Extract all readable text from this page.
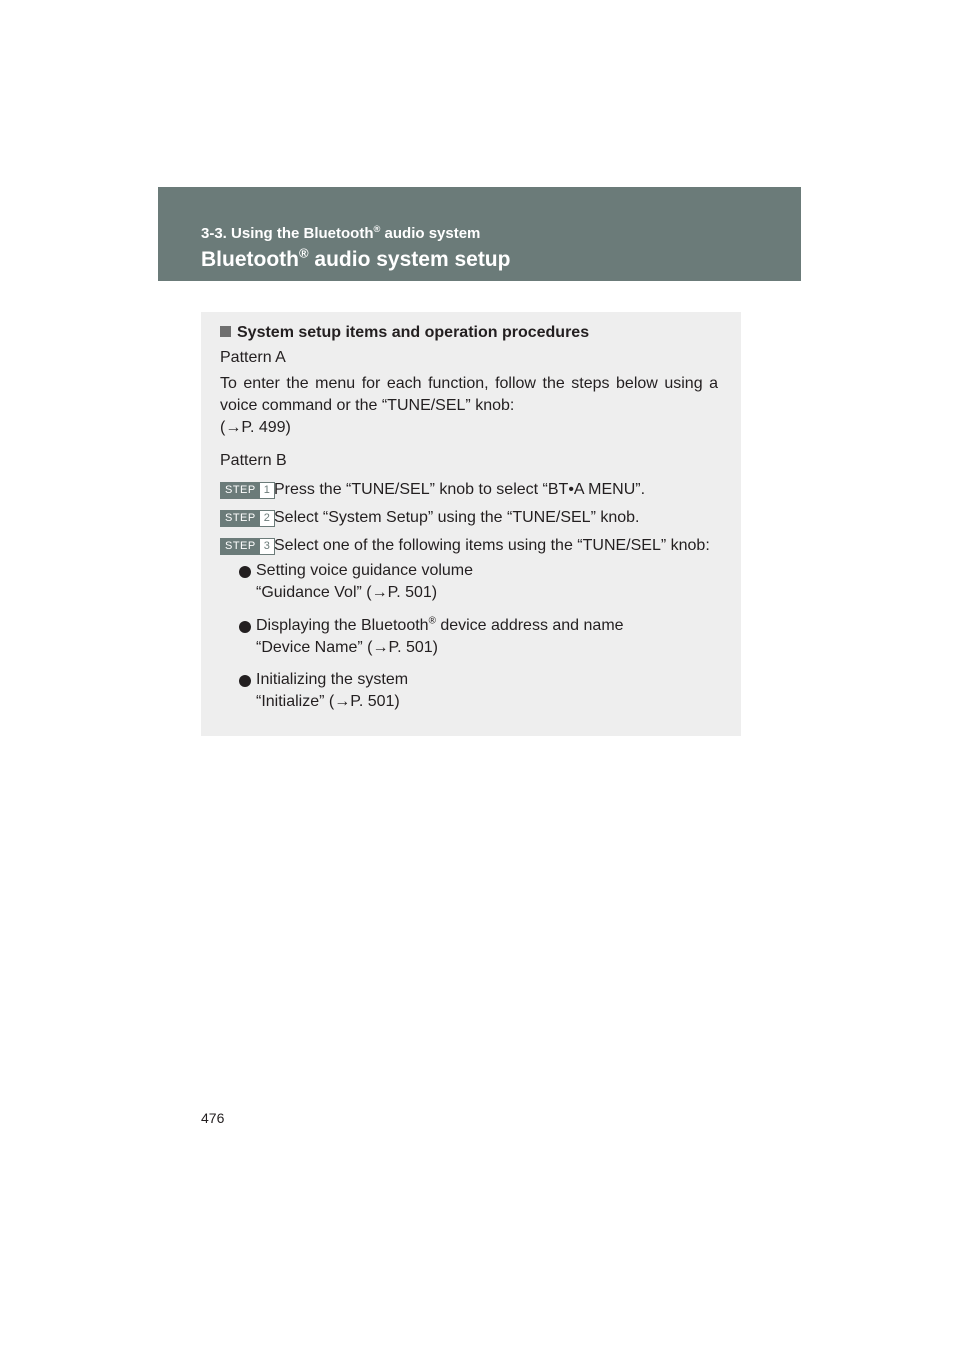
3-3. Using the Bluetooth® audio system
Bluetooth® audio system setup
System setup items and operation procedures
Pattern A
To enter the menu for each function, follow the steps below using a
voice command or the “TUNE/SEL” knob:
(→P. 499)
Pattern B
STEP 1 Press the “TUNE/SEL” knob to select “BT•A MENU”.
STEP 2 Select “System Setup” using the “TUNE/SEL” knob.
STEP 3 Select one of the following items using the “TUNE/SEL” knob:
Setting voice guidance volume
“Guidance Vol” (→P. 501)
Displaying the Bluetooth® device address and name
“Device Name” (→P. 501)
Initializing the system
“Initialize” (→P. 501)
476
